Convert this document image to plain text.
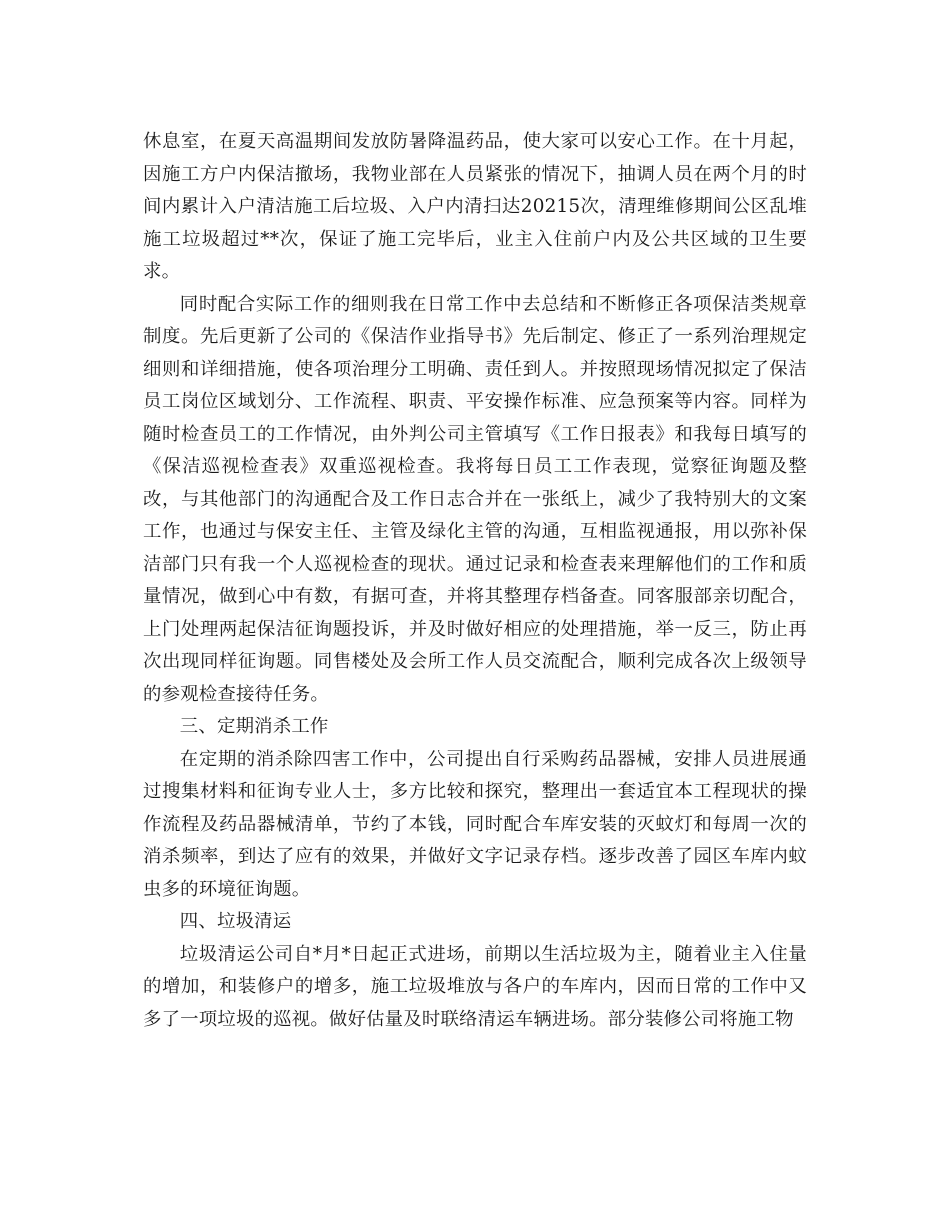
休息室，在夏天高温期间发放防暑降温药品，使大家可以安心工作。在十月起，因施工方户内保洁撤场，我物业部在人员紧张的情况下，抽调人员在两个月的时间内累计入户清洁施工后垃圾、入户内清扫达20215次，清理维修期间公区乱堆施工垃圾超过**次，保证了施工完毕后，业主入住前户内及公共区域的卫生要求。

同时配合实际工作的细则我在日常工作中去总结和不断修正各项保洁类规章制度。先后更新了公司的《保洁作业指导书》先后制定、修正了一系列治理规定细则和详细措施，使各项治理分工明确、责任到人。并按照现场情况拟定了保洁员工岗位区域划分、工作流程、职责、平安操作标准、应急预案等内容。同样为随时检查员工的工作情况，由外判公司主管填写《工作日报表》和我每日填写的《保洁巡视检查表》双重巡视检查。我将每日员工工作表现，觉察征询题及整改，与其他部门的沟通配合及工作日志合并在一张纸上，减少了我特别大的文案工作，也通过与保安主任、主管及绿化主管的沟通，互相监视通报，用以弥补保洁部门只有我一个人巡视检查的现状。通过记录和检查表来理解他们的工作和质量情况，做到心中有数，有据可查，并将其整理存档备查。同客服部亲切配合，上门处理两起保洁征询题投诉，并及时做好相应的处理措施，举一反三，防止再次出现同样征询题。同售楼处及会所工作人员交流配合，顺利完成各次上级领导的参观检查接待任务。

三、定期消杀工作

在定期的消杀除四害工作中，公司提出自行采购药品器械，安排人员进展通过搜集材料和征询专业人士，多方比较和探究，整理出一套适宜本工程现状的操作流程及药品器械清单，节约了本钱，同时配合车库安装的灭蚊灯和每周一次的消杀频率，到达了应有的效果，并做好文字记录存档。逐步改善了园区车库内蚊虫多的环境征询题。

四、垃圾清运

垃圾清运公司自*月*日起正式进场，前期以生活垃圾为主，随着业主入住量的增加，和装修户的增多，施工垃圾堆放与各户的车库内，因而日常的工作中又多了一项垃圾的巡视。做好估量及时联络清运车辆进场。部分装修公司将施工物
